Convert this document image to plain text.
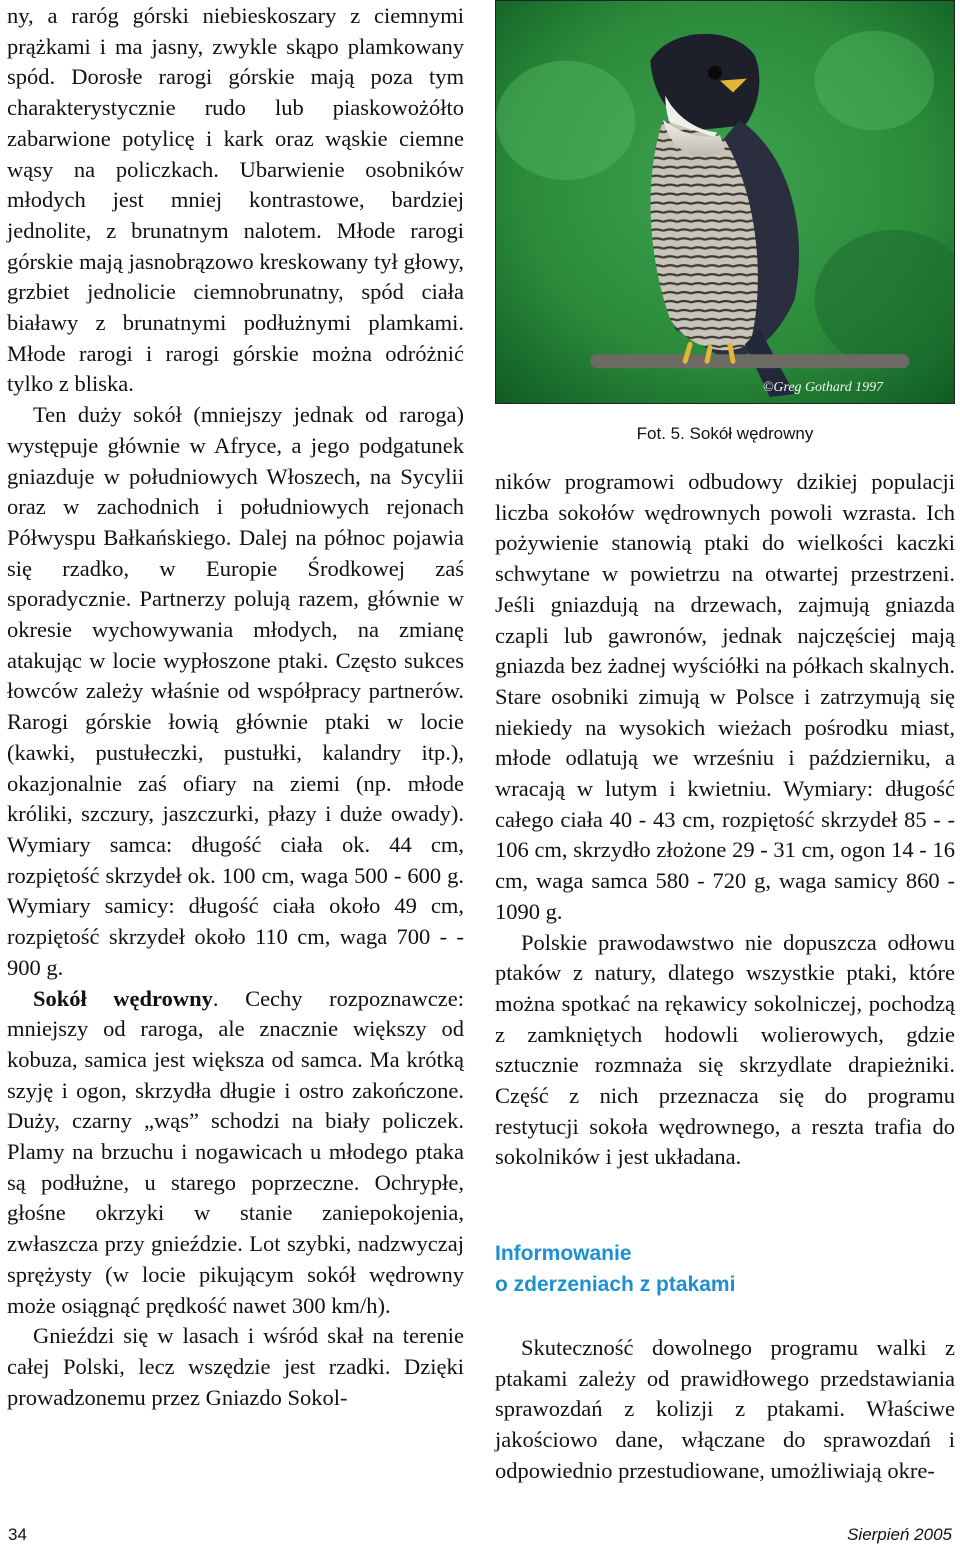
ny, a raróg górski niebieskoszary z ciemnymi prążkami i ma jasny, zwykle skąpo plamkowany spód. Dorosłe rarogi górskie mają poza tym charakterystycznie rudo lub piaskowożółto zabarwione potylicę i kark oraz wąskie ciemne wąsy na policzkach. Ubarwienie osobników młodych jest mniej kontrastowe, bardziej jednolite, z brunatnym nalotem. Młode rarogi górskie mają jasnobrązowo kreskowany tył głowy, grzbiet jednolicie ciemnobrunatny, spód ciała białawy z brunatnymi podłużnymi plamkami. Młode rarogi i rarogi górskie można odróżnić tylko z bliska.

Ten duży sokół (mniejszy jednak od raroga) występuje głównie w Afryce, a jego podgatunek gniazduje w południowych Włoszech, na Sycylii oraz w zachodnich i południowych rejonach Półwyspu Bałkańskiego. Dalej na północ pojawia się rzadko, w Europie Środkowej zaś sporadycznie. Partnerzy polują razem, głównie w okresie wychowywania młodych, na zmianę atakując w locie wypłoszone ptaki. Często sukces łowców zależy właśnie od współpracy partnerów. Rarogi górskie łowią głównie ptaki w locie (kawki, pustułeczki, pustułki, kalandry itp.), okazjonalnie zaś ofiary na ziemi (np. młode króliki, szczury, jaszczurki, płazy i duże owady). Wymiary samca: długość ciała ok. 44 cm, rozpiętość skrzydeł ok. 100 cm, waga 500 - 600 g. Wymiary samicy: długość ciała około 49 cm, rozpiętość skrzydeł około 110 cm, waga 700 - - 900 g.

Sokół wędrowny. Cechy rozpoznawcze: mniejszy od raroga, ale znacznie większy od kobuza, samica jest większa od samca. Ma krótką szyję i ogon, skrzydła długie i ostro zakończone. Duży, czarny „wąs” schodzi na biały policzek. Plamy na brzuchu i nogawicach u młodego ptaka są podłużne, u starego poprzeczne. Ochrypłe, głośne okrzyki w stanie zaniepokojenia, zwłaszcza przy gnieździe. Lot szybki, nadzwyczaj sprężysty (w locie pikującym sokół wędrowny może osiągnąć prędkość nawet 300 km/h).

Gnieździ się w lasach i wśród skał na terenie całej Polski, lecz wszędzie jest rzadki. Dzięki prowadzonemu przez Gniazdo Sokol-

©Greg Gothard 1997
Fot. 5. Sokół wędrowny

ników programowi odbudowy dzikiej populacji liczba sokołów wędrownych powoli wzrasta. Ich pożywienie stanowią ptaki do wielkości kaczki schwytane w powietrzu na otwartej przestrzeni. Jeśli gniazdują na drzewach, zajmują gniazda czapli lub gawronów, jednak najczęściej mają gniazda bez żadnej wyściółki na półkach skalnych. Stare osobniki zimują w Polsce i zatrzymują się niekiedy na wysokich wieżach pośrodku miast, młode odlatują we wrześniu i październiku, a wracają w lutym i kwietniu. Wymiary: długość całego ciała 40 - 43 cm, rozpiętość skrzydeł 85 - - 106 cm, skrzydło złożone 29 - 31 cm, ogon 14 - 16 cm, waga samca 580 - 720 g, waga samicy 860 - 1090 g.

Polskie prawodawstwo nie dopuszcza odłowu ptaków z natury, dlatego wszystkie ptaki, które można spotkać na rękawicy sokolniczej, pochodzą z zamkniętych hodowli wolierowych, gdzie sztucznie rozmnaża się skrzydlate drapieżniki. Część z nich przeznacza się do programu restytucji sokoła wędrownego, a reszta trafia do sokolników i jest układana.

Informowanie
o zderzeniach z ptakami

Skuteczność dowolnego programu walki z ptakami zależy od prawidłowego przedstawiania sprawozdań z kolizji z ptakami. Właściwe jakościowo dane, włączane do sprawozdań i odpowiednio przestudiowane, umożliwiają okre-

34	Sierpień 2005
